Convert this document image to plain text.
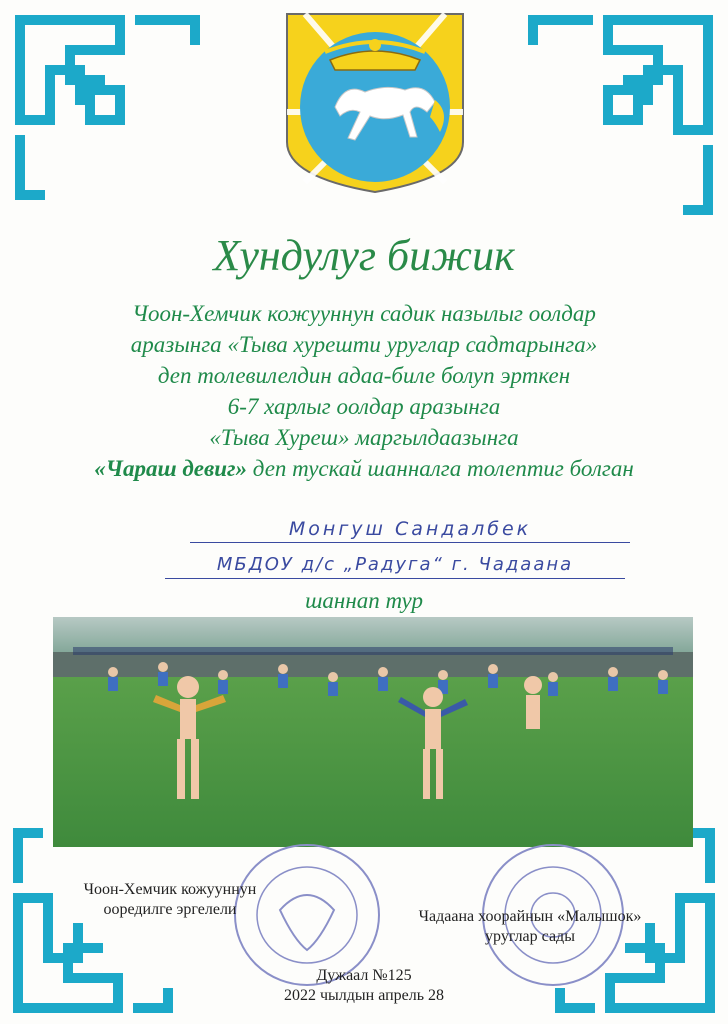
Хундулуг бижик
Чоон-Хемчик кожууннун садик назылыг оолдар
аразынга «Тыва хурешти уруглар садтарынга»
деп толевилелдин адаа-биле болуп эрткен
6-7 харлыг оолдар аразынга
«Тыва Хуреш» маргылдаазынга
«Чараш девиг» деп тускай шанналга толептиг болган
Монгуш Сандалбек
МБДОУ д/с „Радуга“ г. Чадаана
шаннап тур
Чоон-Хемчик кожууннун
ооредилге эргелели	Чадаана хоорайнын «Малышок»
уруглар сады
Дужаал №125
2022 чылдын апрель 28
